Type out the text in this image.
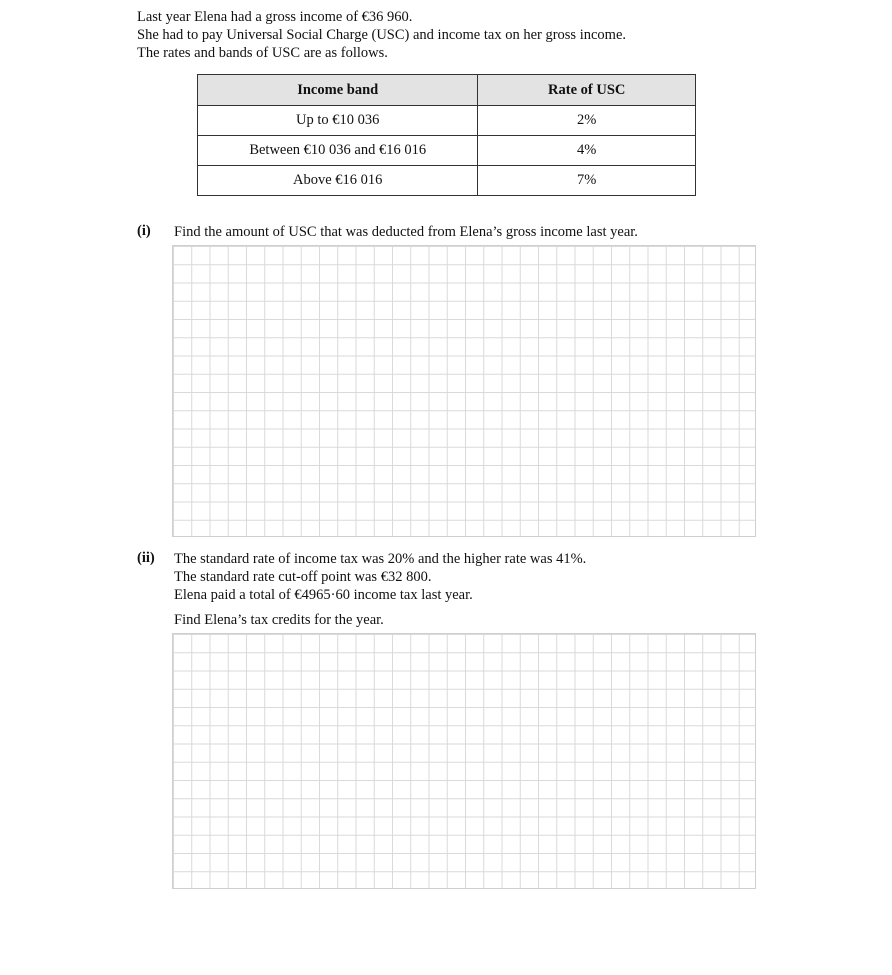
Last year Elena had a gross income of €36 960.
She had to pay Universal Social Charge (USC) and income tax on her gross income.
The rates and bands of USC are as follows.
Income band	Rate of USC
Up to €10 036	2%
Between €10 036 and €16 016	4%
Above €16 016	7%
(i) Find the amount of USC that was deducted from Elena’s gross income last year.
(ii) The standard rate of income tax was 20% and the higher rate was 41%.
The standard rate cut-off point was €32 800.
Elena paid a total of €4965·60 income tax last year.
Find Elena’s tax credits for the year.
